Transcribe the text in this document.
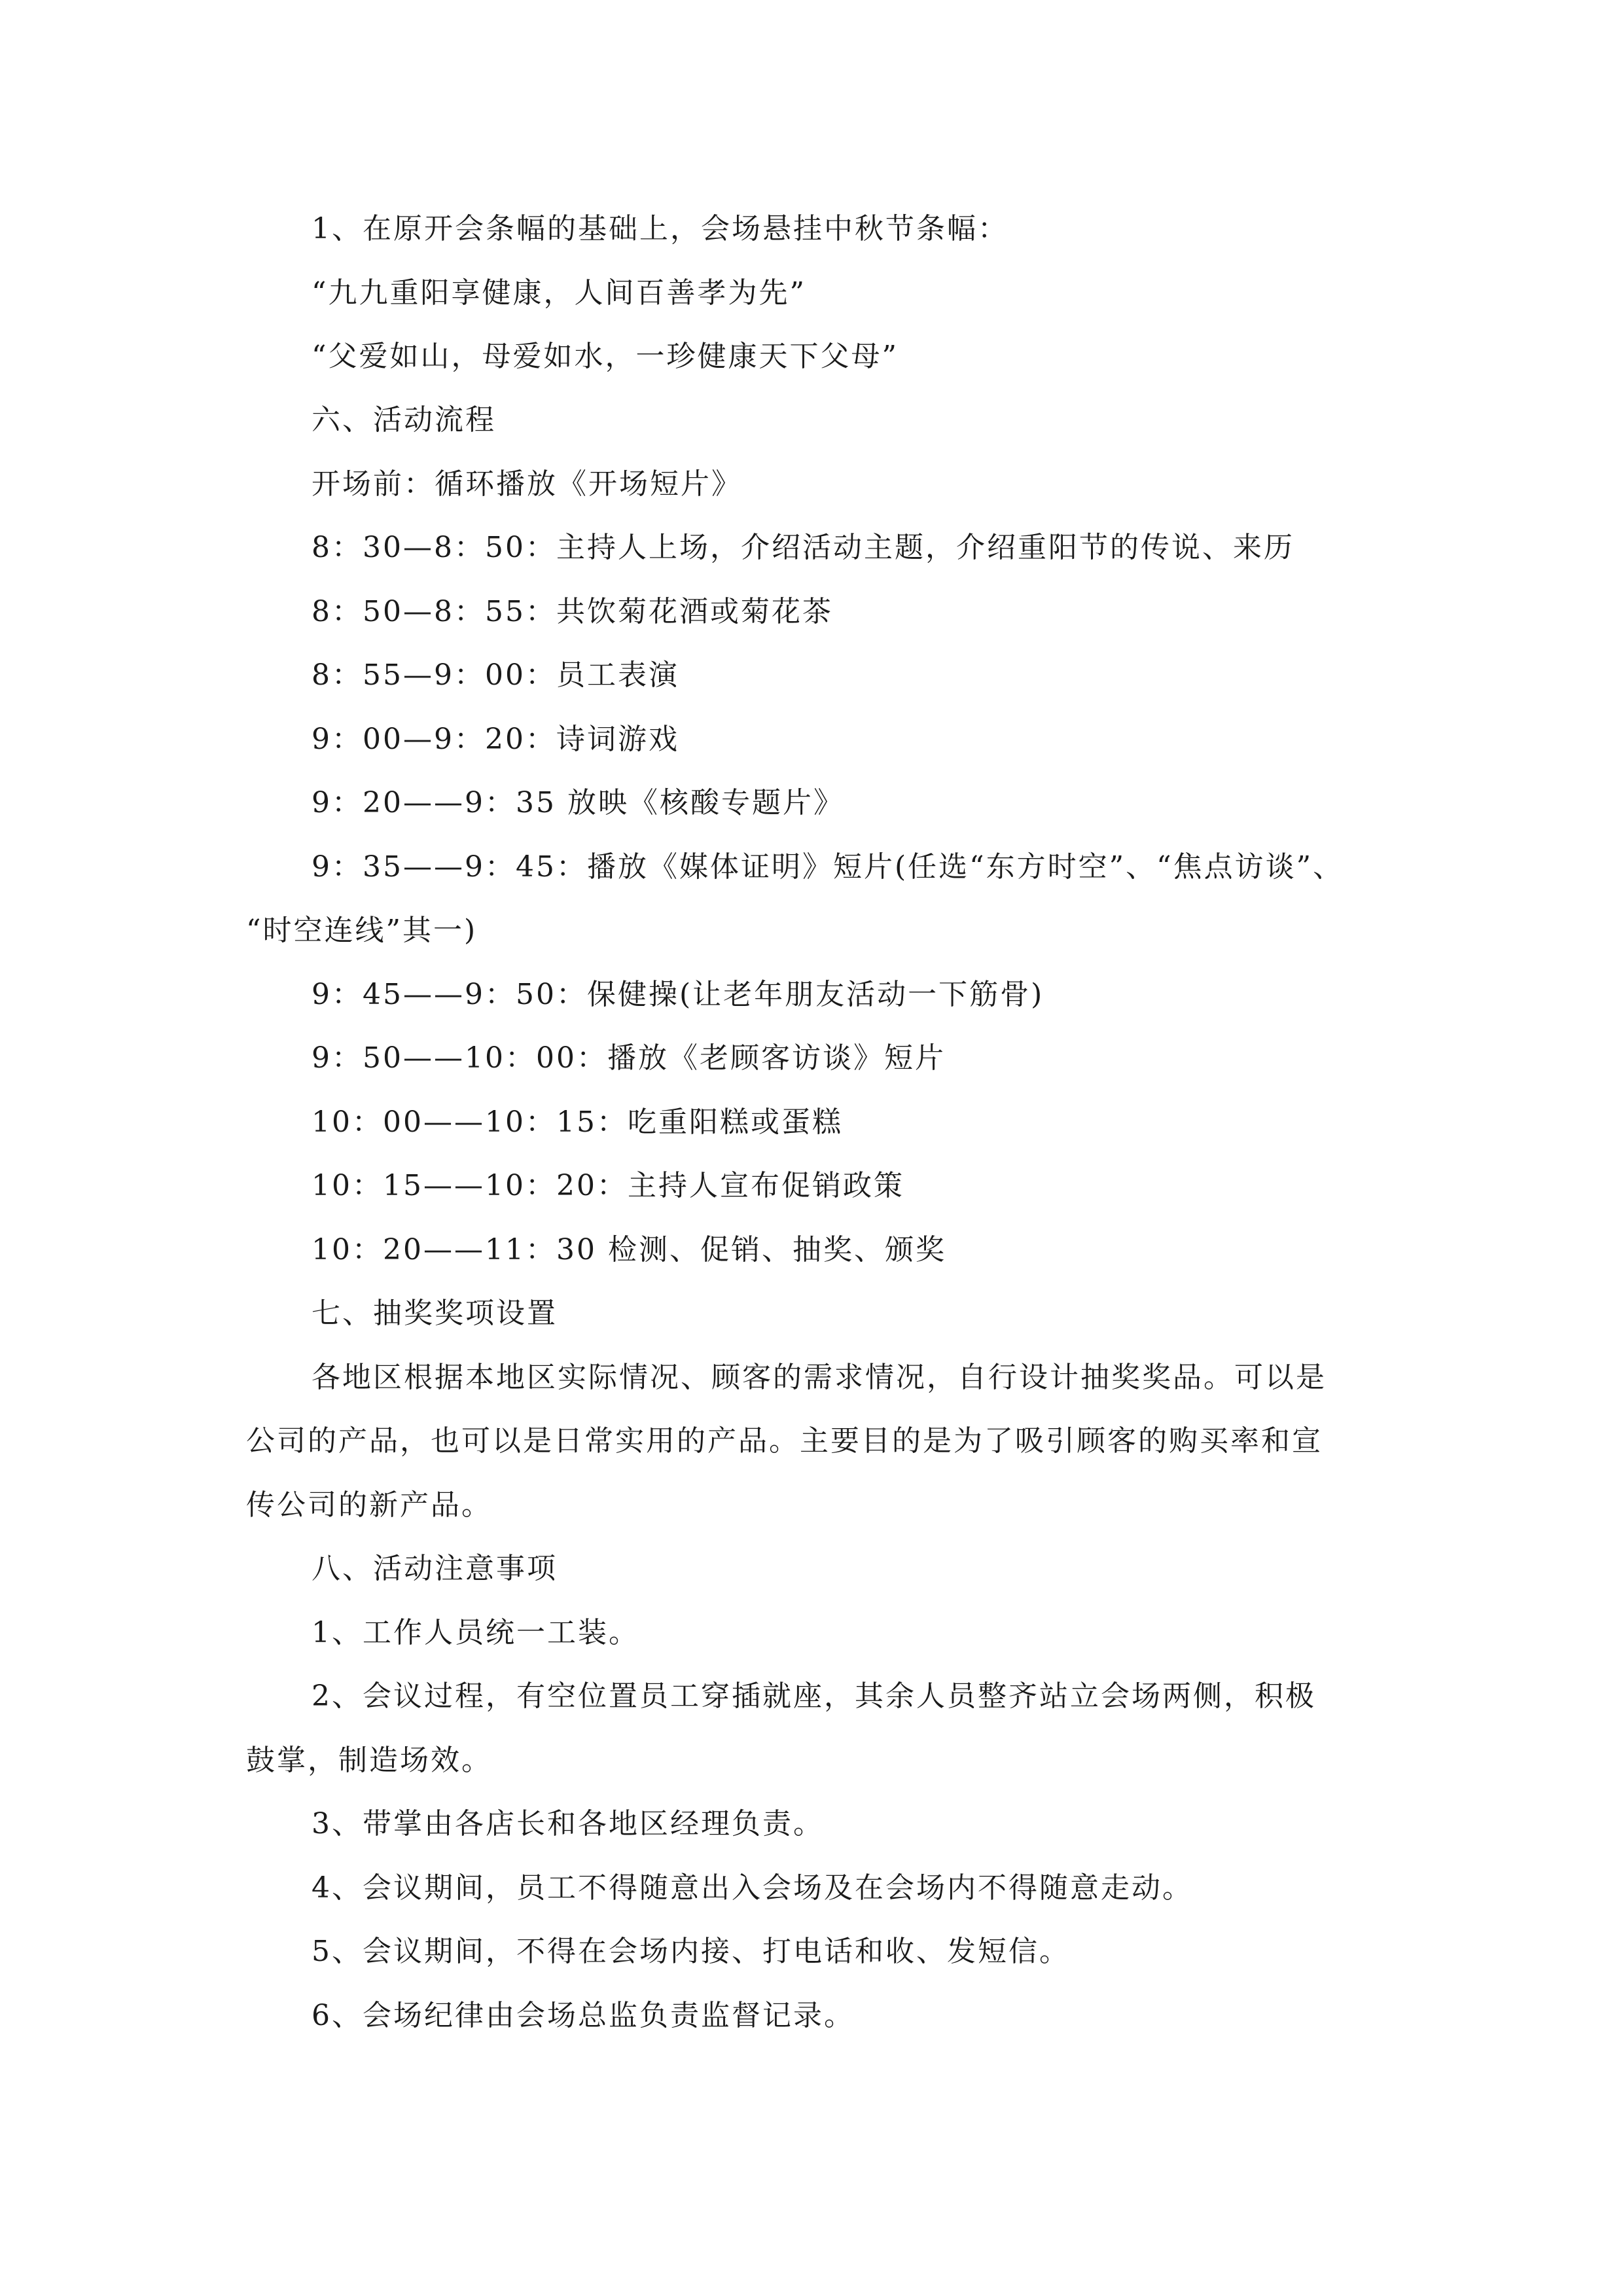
1、在原开会条幅的基础上，会场悬挂中秋节条幅：
“九九重阳享健康，人间百善孝为先”
“父爱如山，母爱如水，一珍健康天下父母”
六、活动流程
开场前：循环播放《开场短片》
8：30—8：50：主持人上场，介绍活动主题，介绍重阳节的传说、来历
8：50—8：55：共饮菊花酒或菊花茶
8：55—9：00：员工表演
9：00—9：20：诗词游戏
9：20——9：35 放映《核酸专题片》
9：35——9：45：播放《媒体证明》短片(任选“东方时空”、“焦点访谈”、
“时空连线”其一)
9：45——9：50：保健操(让老年朋友活动一下筋骨)
9：50——10：00：播放《老顾客访谈》短片
10：00——10：15：吃重阳糕或蛋糕
10：15——10：20：主持人宣布促销政策
10：20——11：30 检测、促销、抽奖、颁奖
七、抽奖奖项设置
各地区根据本地区实际情况、顾客的需求情况，自行设计抽奖奖品。可以是
公司的产品，也可以是日常实用的产品。主要目的是为了吸引顾客的购买率和宣
传公司的新产品。
八、活动注意事项
1、工作人员统一工装。
2、会议过程，有空位置员工穿插就座，其余人员整齐站立会场两侧，积极
鼓掌，制造场效。
3、带掌由各店长和各地区经理负责。
4、会议期间，员工不得随意出入会场及在会场内不得随意走动。
5、会议期间，不得在会场内接、打电话和收、发短信。
6、会场纪律由会场总监负责监督记录。
